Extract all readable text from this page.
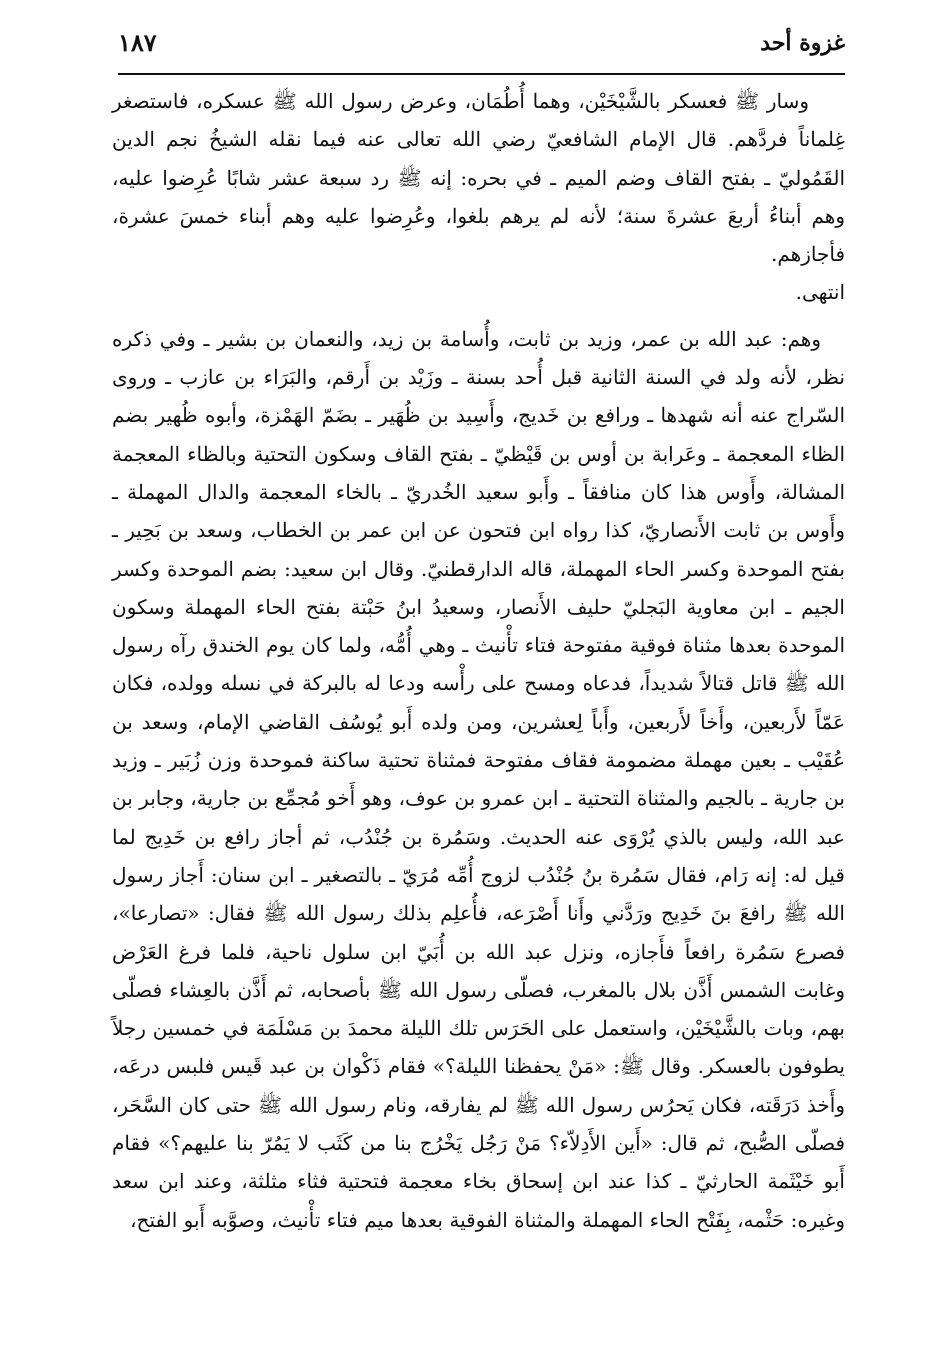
١٨٧	غزوة أحد

وسار ﷺ فعسكر بالشَّيْخَيْن، وهما أُطُمَان، وعرض رسول الله ﷺ عسكره، فاستصغر غِلماناً فردَّهم. قال الإمام الشافعيّ رضي الله تعالى عنه فيما نقله الشيخُ نجم الدين القَمُوليّ ـ بفتح القاف وضم الميم ـ في بحره: إنه ﷺ رد سبعة عشر شابًا عُرِضوا عليه، وهم أبناءُ أربعَ عشرةَ سنة؛ لأنه لم يرهم بلغوا، وعُرِضوا عليه وهم أبناء خمسَ عشرة، فأجازهم.

انتهى.

وهم: عبد الله بن عمر، وزيد بن ثابت، وأُسامة بن زيد، والنعمان بن بشير ـ وفي ذكره نظر، لأنه ولد في السنة الثانية قبل أُحد بسنة ـ وزَيْد بن أَرقم، والبَرَاء بن عازب ـ وروى السّراج عنه أنه شهدها ـ ورافع بن خَديج، وأَسِيد بن ظُهَير ـ بضَمّ الهَمْزة، وأبوه ظُهير بضم الظاء المعجمة ـ وعَرابة بن أوس بن قَيْظيّ ـ بفتح القاف وسكون التحتية وبالظاء المعجمة المشالة، وأَوس هذا كان منافقاً ـ وأَبو سعيد الخُدريّ ـ بالخاء المعجمة والدال المهملة ـ وأَوس بن ثابت الأَنصاريّ، كذا رواه ابن فتحون عن ابن عمر بن الخطاب، وسعد بن بَحِير ـ بفتح الموحدة وكسر الحاء المهملة، قاله الدارقطنيّ. وقال ابن سعيد: بضم الموحدة وكسر الجيم ـ ابن معاوية البَجليّ حليف الأَنصار، وسعيدُ ابنُ حَبْتة بفتح الحاء المهملة وسكون الموحدة بعدها مثناة فوقية مفتوحة فتاء تأْنيث ـ وهي أُمُّه، ولما كان يوم الخندق رآه رسول الله ﷺ قاتل قتالاً شديداً، فدعاه ومسح على رأْسه ودعا له بالبركة في نسله وولده، فكان عَمّاً لأَربعين، وأَخاً لأَربعين، وأَباً لِعشرين، ومن ولده أَبو يُوسُف القاضي الإمام، وسعد بن عُقَيْب ـ بعين مهملة مضمومة فقاف مفتوحة فمثناة تحتية ساكنة فموحدة وزن زُبَير ـ وزيد بن جارية ـ بالجيم والمثناة التحتية ـ ابن عمرو بن عوف، وهو أَخو مُجمِّع بن جارية، وجابر بن عبد الله، وليس بالذي يُرْوَى عنه الحديث. وسَمُرة بن جُنْدُب، ثم أجاز رافع بن خَدِيج لما قيل له: إنه رَام، فقال سَمُرة بنُ جُنْدُب لزوج أُمِّه مُرَيّ ـ بالتصغير ـ ابن سنان: أَجاز رسول الله ﷺ رافعَ بنَ خَدِيج ورَدَّني وأَنا أَصْرَعه، فأُعلِم بذلك رسول الله ﷺ فقال: «تصارعا»، فصرع سَمُرة رافعاً فأَجازه، ونزل عبد الله بن أُبَيّ ابن سلول ناحية، فلما فرغ العَرْض وغابت الشمس أَذَّن بلال بالمغرب، فصلّى رسول الله ﷺ بأصحابه، ثم أَذَّن بالعِشاء فصلّى بهم، وبات بالشَّيْخَيْن، واستعمل على الحَرَس تلك الليلة محمدَ بن مَسْلَمَة في خمسين رجلاً يطوفون بالعسكر. وقال ﷺ: «مَنْ يحفظنا الليلة؟» فقام ذَكْوان بن عبد قَيس فلبس درعَه، وأَخذ دَرَقَته، فكان يَحرُس رسول الله ﷺ لم يفارقه، ونام رسول الله ﷺ حتى كان السَّحَر، فصلّى الصُّبح، ثم قال: «أَين الأَدِلاّء؟ مَنْ رَجُل يَخْرُج بنا من كَثَب لا يَمُرّ بنا عليهم؟» فقام أَبو خَيْثَمة الحارثيّ ـ كذا عند ابن إسحاق بخاء معجمة فتحتية فثاء مثلثة، وعند ابن سعد وغيره: حَثْمه، بِفَتْح الحاء المهملة والمثناة الفوقية بعدها ميم فتاء تأْنيث، وصوَّبه أَبو الفتح،
